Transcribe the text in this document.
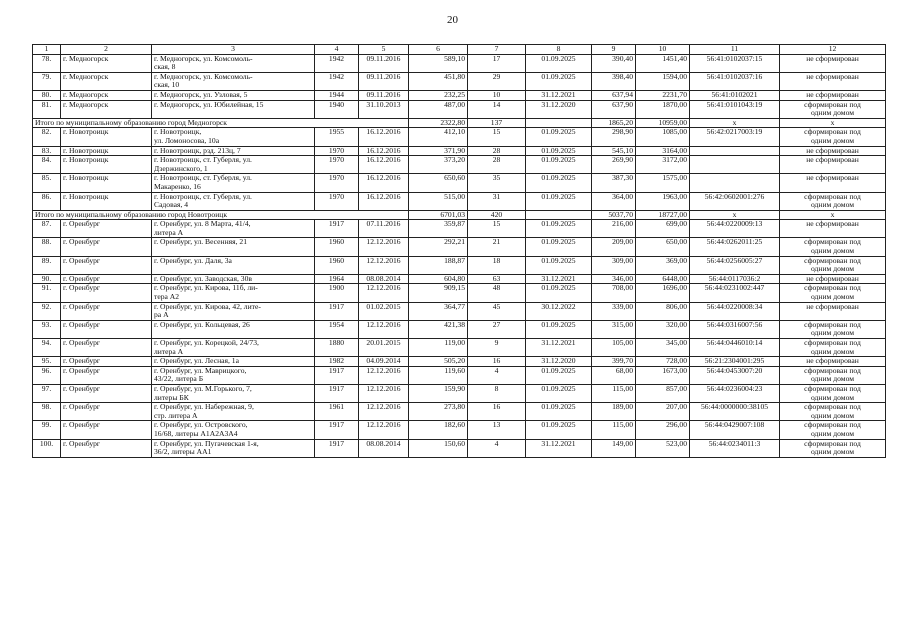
20
1	2	3	4	5	6	7	8	9	10	11	12
78.	г. Медногорск	г. Медногорск, ул. Комсомоль-
ская, 8	1942	09.11.2016	589,10	17	01.09.2025	390,40	1451,40	56:41:0102037:15	не сформирован
79.	г. Медногорск	г. Медногорск, ул. Комсомоль-
ская, 10	1942	09.11.2016	451,80	29	01.09.2025	398,40	1594,00	56:41:0102037:16	не сформирован
80.	г. Медногорск	г. Медногорск, ул. Узловая, 5	1944	09.11.2016	232,25	10	31.12.2021	637,94	2231,70	56:41:0102021	не сформирован
81.	г. Медногорск	г. Медногорск, ул. Юбилейная, 15	1940	31.10.2013	487,00	14	31.12.2020	637,90	1870,00	56:41:0101043:19	сформирован под
одним домом
Итого по муниципальному образованию город Медногорск					2322,80	137		1865,20	10959,00	х	х
82.	г. Новотроицк	г. Новотроицк,
ул. Ломоносова, 10а	1955	16.12.2016	412,10	15	01.09.2025	298,90	1085,00	56:42:0217003:19	сформирован под
одним домом
83.	г. Новотроицк	г. Новотроицк, рзд. 213ц, 7	1970	16.12.2016	371,90	28	01.09.2025	545,10	3164,00		не сформирован
84.	г. Новотроицк	г. Новотроицк, ст. Губерля, ул.
Дзержинского, 1	1970	16.12.2016	373,20	28	01.09.2025	269,90	3172,00		не сформирован
85.	г. Новотроицк	г. Новотроицк, ст. Губерля, ул.
Макаренко, 16	1970	16.12.2016	650,60	35	01.09.2025	387,30	1575,00		не сформирован
86.	г. Новотроицк	г. Новотроицк, ст. Губерля, ул.
Садовая, 4	1970	16.12.2016	515,00	31	01.09.2025	364,00	1963,00	56:42:0602001:276	сформирован под
одним домом
Итого по муниципальному образованию город Новотроицк					6701,03	420		5037,70	18727,00	х	х
87.	г. Оренбург	г. Оренбург, ул. 8 Марта, 41/4,
литера А	1917	07.11.2016	359,87	15	01.09.2025	216,00	699,00	56:44:0220009:13	не сформирован
88.	г. Оренбург	г. Оренбург, ул. Весенняя, 21	1960	12.12.2016	292,21	21	01.09.2025	209,00	650,00	56:44:0262011:25	сформирован под
одним домом
89.	г. Оренбург	г. Оренбург, ул. Даля, 3а	1960	12.12.2016	188,87	18	01.09.2025	309,00	369,00	56:44:0256005:27	сформирован под
одним домом
90.	г. Оренбург	г. Оренбург, ул. Заводская, 30в	1964	08.08.2014	604,80	63	31.12.2021	346,00	6448,00	56:44:0117036:2	не сформирован
91.	г. Оренбург	г. Оренбург, ул. Кирова, 11б, ли-
тера А2	1900	12.12.2016	909,15	48	01.09.2025	708,00	1696,00	56:44:0231002:447	сформирован под
одним домом
92.	г. Оренбург	г. Оренбург, ул. Кирова, 42, литe-
ра А	1917	01.02.2015	364,77	45	30.12.2022	339,00	806,00	56:44:0220008:34	не сформирован
93.	г. Оренбург	г. Оренбург, ул. Кольцевая, 26	1954	12.12.2016	421,38	27	01.09.2025	315,00	320,00	56:44:0316007:56	сформирован под
одним домом
94.	г. Оренбург	г. Оренбург, ул. Корецкой, 24/73,
литера А	1880	20.01.2015	119,00	9	31.12.2021	105,00	345,00	56:44:0446010:14	сформирован под
одним домом
95.	г. Оренбург	г. Оренбург, ул. Лесная, 1а	1982	04.09.2014	505,20	16	31.12.2020	399,70	728,00	56:21:2304001:295	не сформирован
96.	г. Оренбург	г. Оренбург, ул. Маврицкого,
43/22, литера Б	1917	12.12.2016	119,60	4	01.09.2025	68,00	1673,00	56:44:0453007:20	сформирован под
одним домом
97.	г. Оренбург	г. Оренбург, ул. М.Горького, 7,
литеры БК	1917	12.12.2016	159,90	8	01.09.2025	115,00	857,00	56:44:0236004:23	сформирован под
одним домом
98.	г. Оренбург	г. Оренбург, ул. Набережная, 9,
стр. литера А	1961	12.12.2016	273,80	16	01.09.2025	189,00	207,00	56:44:0000000:38105	сформирован под
одним домом
99.	г. Оренбург	г. Оренбург, ул. Островского,
16/68, литеры А1А2А3А4	1917	12.12.2016	182,60	13	01.09.2025	115,00	296,00	56:44:0429007:108	сформирован под
одним домом
100.	г. Оренбург	г. Оренбург, ул. Пугачевская 1-я,
36/2, литеры АА1	1917	08.08.2014	150,60	4	31.12.2021	149,00	523,00	56:44:0234011:3	сформирован под
одним домом
